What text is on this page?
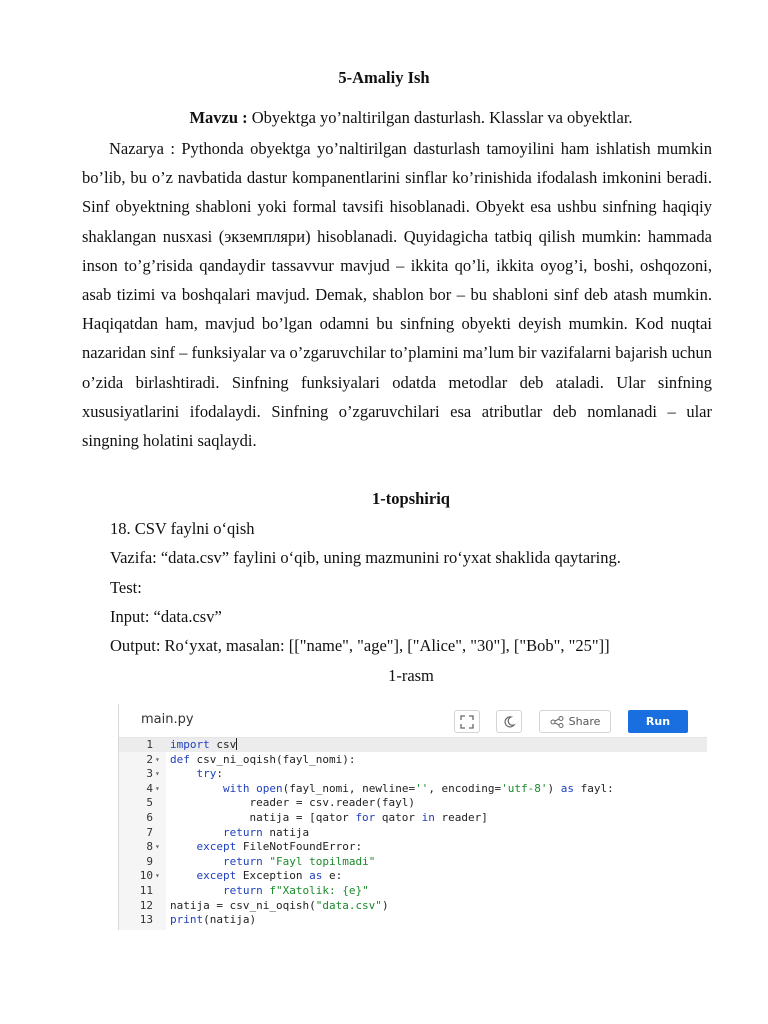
5-Amaliy Ish
Mavzu : Obyektga yo’naltirilgan dasturlash. Klasslar va obyektlar.

Nazarya : Pythonda obyektga yo’naltirilgan dasturlash tamoyilini ham ishlatish mumkin bo’lib, bu o’z navbatida dastur kompanentlarini sinflar ko’rinishida ifodalash imkonini beradi. Sinf obyektning shabloni yoki formal tavsifi hisoblanadi. Obyekt esa ushbu sinfning haqiqiy shaklangan nusxasi (экземпляри) hisoblanadi. Quyidagicha tatbiq qilish mumkin: hammada inson to’g’risida qandaydir tassavvur mavjud – ikkita qo’li, ikkita oyog’i, boshi, oshqozoni, asab tizimi va boshqalari mavjud. Demak, shablon bor – bu shabloni sinf deb atash mumkin. Haqiqatdan ham, mavjud bo’lgan odamni bu sinfning obyekti deyish mumkin. Kod nuqtai nazaridan sinf – funksiyalar va o’zgaruvchilar to’plamini ma’lum bir vazifalarni bajarish uchun o’zida birlashtiradi. Sinfning funksiyalari odatda metodlar deb ataladi. Ular sinfning xususiyatlarini ifodalaydi. Sinfning o’zgaruvchilari esa atributlar deb nomlanadi – ular singning holatini saqlaydi.

1-topshiriq
18. CSV faylni o‘qish
Vazifa: “data.csv” faylini o‘qib, uning mazmunini ro‘yxat shaklida qaytaring.
Test:
Input: “data.csv”
Output: Ro‘yxat, masalan: [["name", "age"], ["Alice", "30"], ["Bob", "25"]]
1-rasm
main.py	Share	Run
1 import csv
2 ▾ def csv_ni_oqish(fayl_nomi):
3 ▾	try:
4 ▾	with open(fayl_nomi, newline='', encoding='utf-8') as fayl:
5 reader = csv.reader(fayl)
6 natija = [qator for qator in reader]
7	return natija
8 ▾	except FileNotFoundError:
9	return "Fayl topilmadi"
10 ▾	except Exception as e:
11	return f"Xatolik: {e}"
12 natija = csv_ni_oqish("data.csv")
13 print(natija)
